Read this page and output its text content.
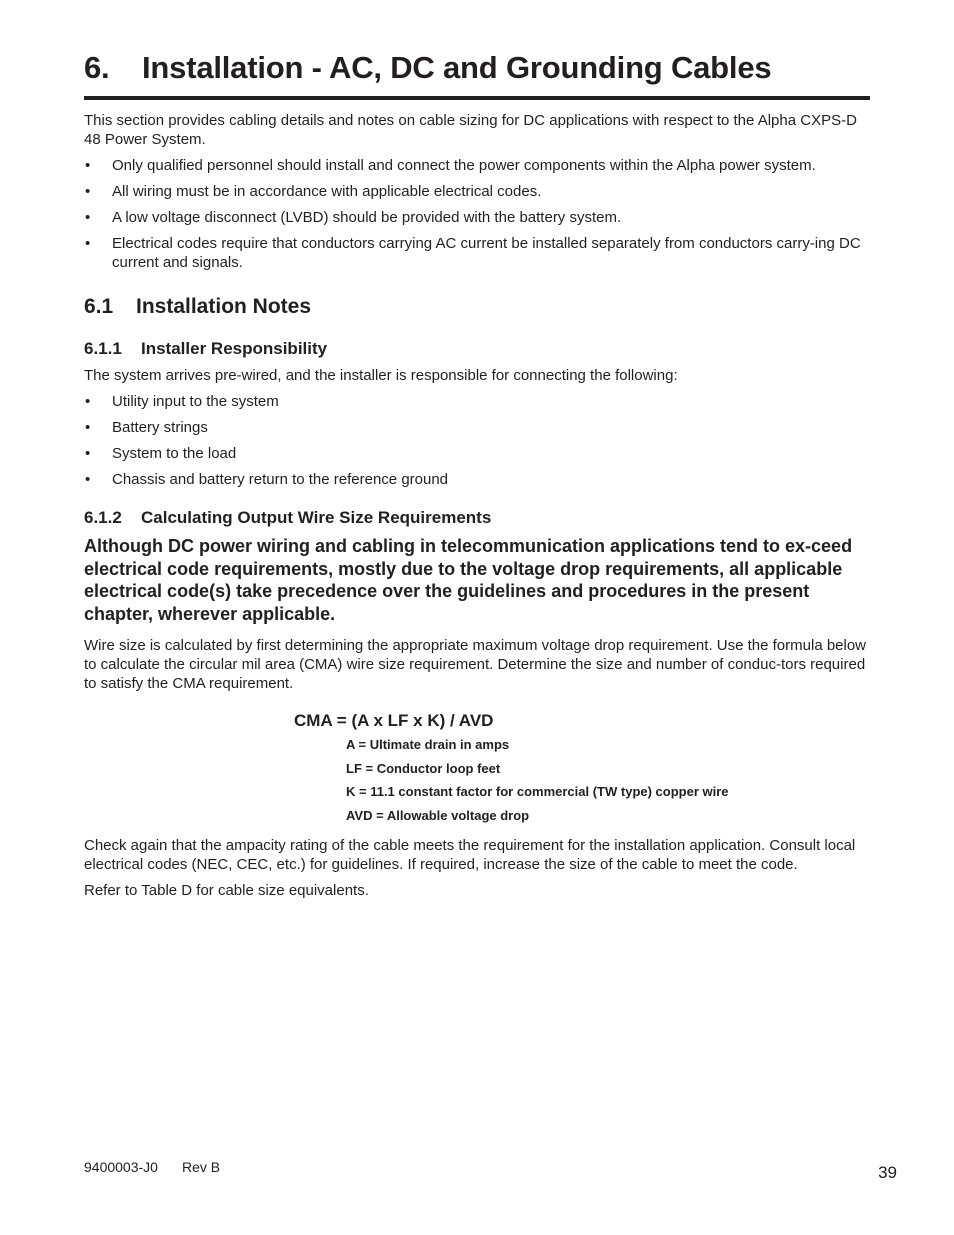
6. Installation - AC, DC and Grounding Cables

This section provides cabling details and notes on cable sizing for DC applications with respect to the Alpha CXPS-D 48 Power System.

• Only qualified personnel should install and connect the power components within the Alpha power system.
• All wiring must be in accordance with applicable electrical codes.
• A low voltage disconnect (LVBD) should be provided with the battery system.
• Electrical codes require that conductors carrying AC current be installed separately from conductors carry-ing DC current and signals.
6.1 Installation Notes
6.1.1 Installer Responsibility

The system arrives pre-wired, and the installer is responsible for connecting the following:

• Utility input to the system
• Battery strings
• System to the load
• Chassis and battery return to the reference ground
6.1.2 Calculating Output Wire Size Requirements

Although DC power wiring and cabling in telecommunication applications tend to ex-ceed electrical code requirements, mostly due to the voltage drop requirements, all applicable electrical code(s) take precedence over the guidelines and procedures in the present chapter, wherever applicable.

Wire size is calculated by first determining the appropriate maximum voltage drop requirement. Use the formula below to calculate the circular mil area (CMA) wire size requirement. Determine the size and number of conduc-tors required to satisfy the CMA requirement.

CMA = (A x LF x K) / AVD
A = Ultimate drain in amps
LF = Conductor loop feet
K = 11.1 constant factor for commercial (TW type) copper wire
AVD = Allowable voltage drop

Check again that the ampacity rating of the cable meets the requirement for the installation application. Consult local electrical codes (NEC, CEC, etc.) for guidelines. If required, increase the size of the cable to meet the code.

Refer to Table D for cable size equivalents.

9400003-J0 Rev B	39
